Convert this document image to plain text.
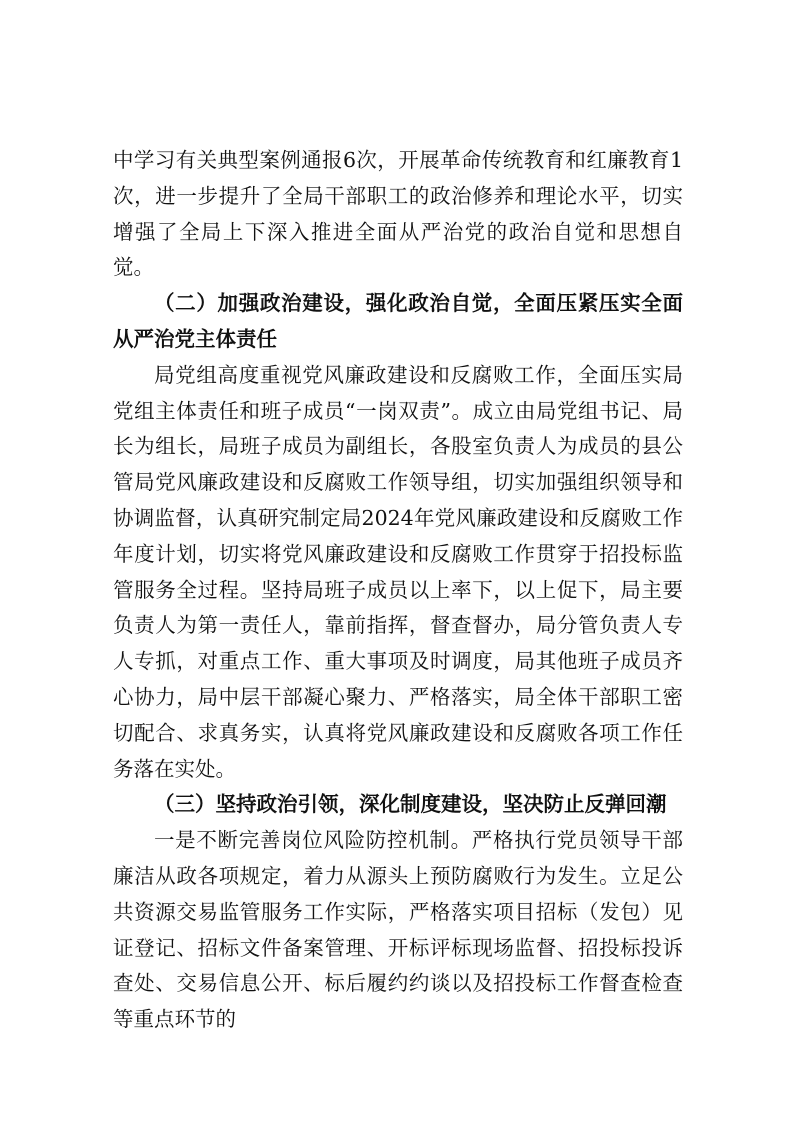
中学习有关典型案例通报6次，开展革命传统教育和红廉教育1次，进一步提升了全局干部职工的政治修养和理论水平，切实增强了全局上下深入推进全面从严治党的政治自觉和思想自觉。

（二）加强政治建设，强化政治自觉，全面压紧压实全面从严治党主体责任

局党组高度重视党风廉政建设和反腐败工作，全面压实局党组主体责任和班子成员“一岗双责”。成立由局党组书记、局长为组长，局班子成员为副组长，各股室负责人为成员的县公管局党风廉政建设和反腐败工作领导组，切实加强组织领导和协调监督，认真研究制定局2024年党风廉政建设和反腐败工作年度计划，切实将党风廉政建设和反腐败工作贯穿于招投标监管服务全过程。坚持局班子成员以上率下，以上促下，局主要负责人为第一责任人，靠前指挥，督查督办，局分管负责人专人专抓，对重点工作、重大事项及时调度，局其他班子成员齐心协力，局中层干部凝心聚力、严格落实，局全体干部职工密切配合、求真务实，认真将党风廉政建设和反腐败各项工作任务落在实处。

（三）坚持政治引领，深化制度建设，坚决防止反弹回潮

一是不断完善岗位风险防控机制。严格执行党员领导干部廉洁从政各项规定，着力从源头上预防腐败行为发生。立足公共资源交易监管服务工作实际，严格落实项目招标（发包）见证登记、招标文件备案管理、开标评标现场监督、招投标投诉查处、交易信息公开、标后履约约谈以及招投标工作督查检查等重点环节的
